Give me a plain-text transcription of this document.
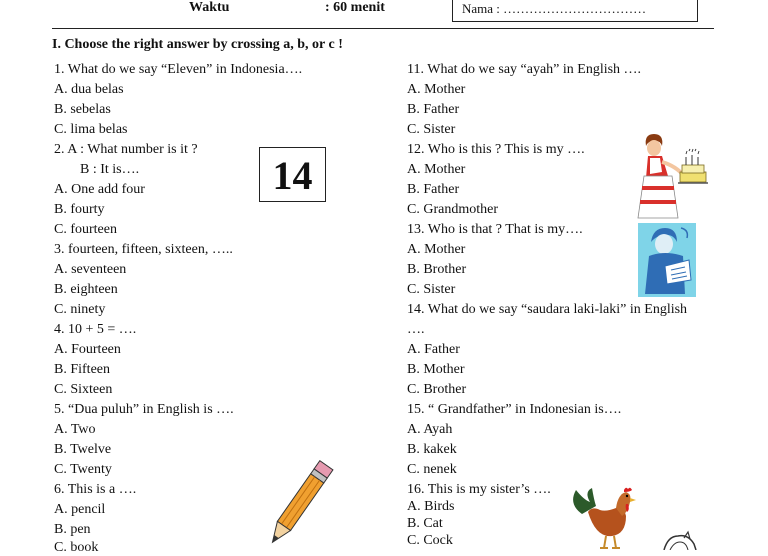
Waktu	: 60 menit	Nama : ……………………………
I. Choose the right answer by crossing a, b, or c !
1. What do we say “Eleven” in Indonesia….
A. dua belas
B. sebelas
C. lima belas
2. A : What number is it ?
B : It is….
A. One add four
B. fourty
C. fourteen
3. fourteen, fifteen, sixteen, …..
A. seventeen
B. eighteen
C. ninety
4. 10 + 5 = ….
A. Fourteen
B. Fifteen
C. Sixteen
5. “Dua puluh” in English is ….
A. Two
B. Twelve
C. Twenty
6. This is a ….
A. pencil
B. pen
C. book
14
11. What do we say “ayah” in English ….
A. Mother
B. Father
C. Sister
12. Who is this ? This is my ….
A. Mother
B. Father
C. Grandmother
13. Who is that ? That is my….
A. Mother
B. Brother
C. Sister
14. What do we say “saudara laki-laki” in English
….
A. Father
B. Mother
C. Brother
15. “ Grandfather” in Indonesian is….
A. Ayah
B. kakek
C. nenek
16. This is my sister’s ….
A. Birds
B. Cat
C. Cock
